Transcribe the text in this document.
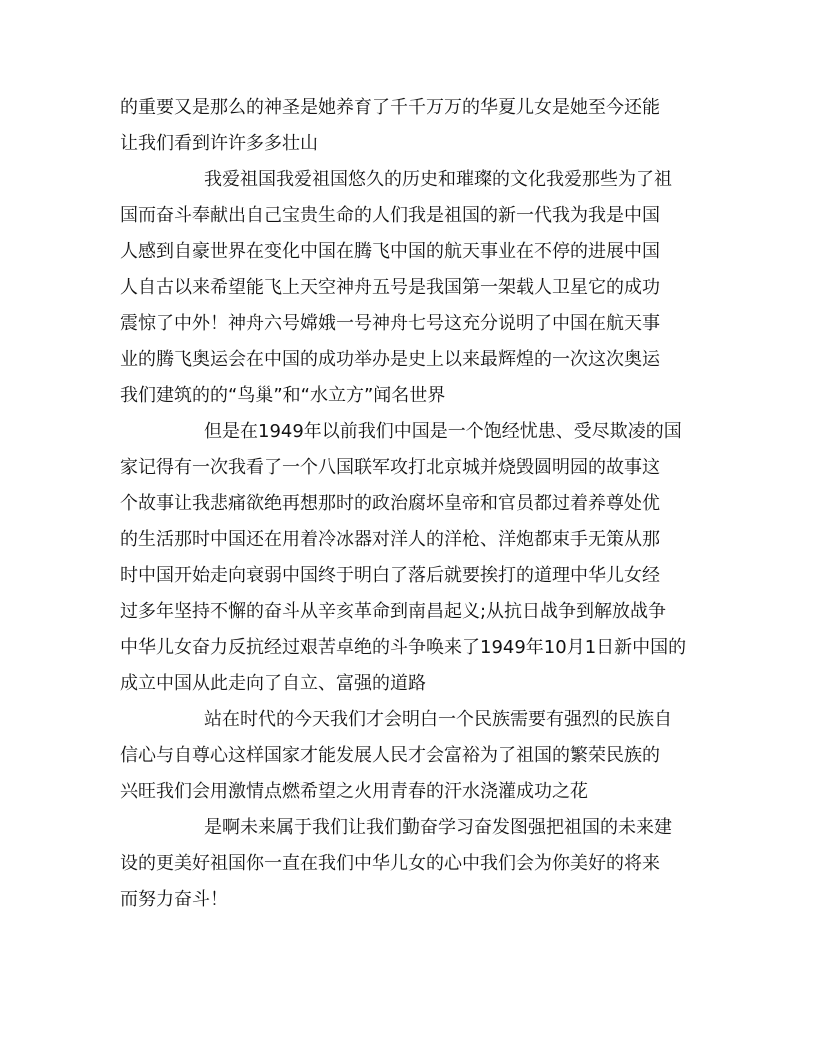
的重要又是那么的神圣是她养育了千千万万的华夏儿女是她至今还能
让我们看到许许多多壮山
我爱祖国我爱祖国悠久的历史和璀璨的文化我爱那些为了祖
国而奋斗奉献出自己宝贵生命的人们我是祖国的新一代我为我是中国
人感到自豪世界在变化中国在腾飞中国的航天事业在不停的进展中国
人自古以来希望能飞上天空神舟五号是我国第一架载人卫星它的成功
震惊了中外！神舟六号嫦娥一号神舟七号这充分说明了中国在航天事
业的腾飞奥运会在中国的成功举办是史上以来最辉煌的一次这次奥运
我们建筑的的“鸟巢”和“水立方”闻名世界
但是在1949年以前我们中国是一个饱经忧患、受尽欺凌的国
家记得有一次我看了一个八国联军攻打北京城并烧毁圆明园的故事这
个故事让我悲痛欲绝再想那时的政治腐坏皇帝和官员都过着养尊处优
的生活那时中国还在用着冷冰器对洋人的洋枪、洋炮都束手无策从那
时中国开始走向衰弱中国终于明白了落后就要挨打的道理中华儿女经
过多年坚持不懈的奋斗从辛亥革命到南昌起义;从抗日战争到解放战争
中华儿女奋力反抗经过艰苦卓绝的斗争唤来了1949年10月1日新中国的
成立中国从此走向了自立、富强的道路
站在时代的今天我们才会明白一个民族需要有强烈的民族自
信心与自尊心这样国家才能发展人民才会富裕为了祖国的繁荣民族的
兴旺我们会用激情点燃希望之火用青春的汗水浇灌成功之花
是啊未来属于我们让我们勤奋学习奋发图强把祖国的未来建
设的更美好祖国你一直在我们中华儿女的心中我们会为你美好的将来
而努力奋斗！
